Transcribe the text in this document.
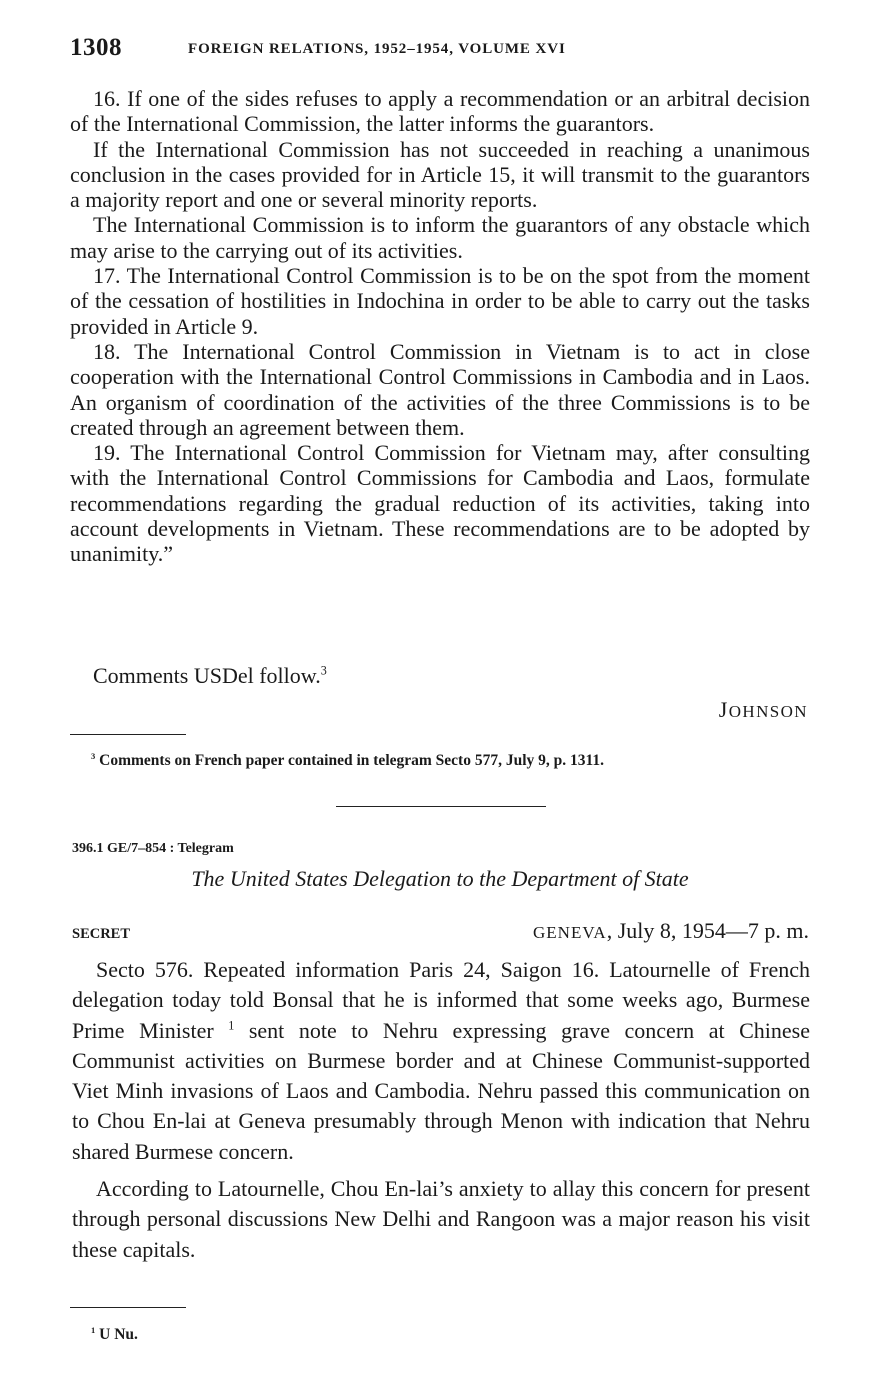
1308	FOREIGN RELATIONS, 1952–1954, VOLUME XVI

16. If one of the sides refuses to apply a recommendation or an arbitral decision of the International Commission, the latter informs the guarantors.

If the International Commission has not succeeded in reaching a unanimous conclusion in the cases provided for in Article 15, it will transmit to the guarantors a majority report and one or several minority reports.

The International Commission is to inform the guarantors of any obstacle which may arise to the carrying out of its activities.

17. The International Control Commission is to be on the spot from the moment of the cessation of hostilities in Indochina in order to be able to carry out the tasks provided in Article 9.

18. The International Control Commission in Vietnam is to act in close cooperation with the International Control Commissions in Cambodia and in Laos. An organism of coordination of the activities of the three Commissions is to be created through an agreement between them.

19. The International Control Commission for Vietnam may, after consulting with the International Control Commissions for Cambodia and Laos, formulate recommendations regarding the gradual reduction of its activities, taking into account developments in Vietnam. These recommendations are to be adopted by unanimity.”

Comments USDel follow.$^3$
JOHNSON
$^3$ Comments on French paper contained in telegram Secto 577, July 9, p. 1311.
396.1 GE/7–854 : Telegram
The United States Delegation to the Department of State
SECRET	GENEVA, July 8, 1954—7 p. m.

Secto 576. Repeated information Paris 24, Saigon 16. Latournelle of French delegation today told Bonsal that he is informed that some weeks ago, Burmese Prime Minister $^1$ sent note to Nehru expressing grave concern at Chinese Communist activities on Burmese border and at Chinese Communist-supported Viet Minh invasions of Laos and Cambodia. Nehru passed this communication on to Chou En-lai at Geneva presumably through Menon with indication that Nehru shared Burmese concern.

According to Latournelle, Chou En-lai’s anxiety to allay this concern for present through personal discussions New Delhi and Rangoon was a major reason his visit these capitals.

$^1$ U Nu.
